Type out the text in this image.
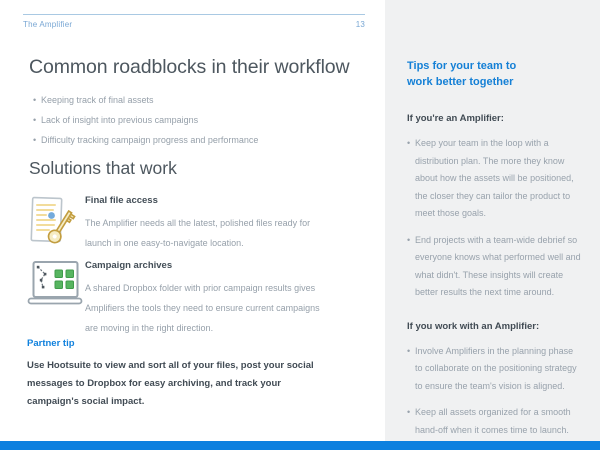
The Amplifier	13
Common roadblocks in their workflow
• Keeping track of final assets
• Lack of insight into previous campaigns
• Difficulty tracking campaign progress and performance
Solutions that work
Final file access
The Amplifier needs all the latest, polished files ready for launch in one easy-to-navigate location.
Campaign archives
A shared Dropbox folder with prior campaign results gives Amplifiers the tools they need to ensure current campaigns are moving in the right direction.
Partner tip
Use Hootsuite to view and sort all of your files, post your social messages to Dropbox for easy archiving, and track your campaign's social impact.
Tips for your team to work better together
If you're an Amplifier:
• Keep your team in the loop with a distribution plan. The more they know about how the assets will be positioned, the closer they can tailor the product to meet those goals.
• End projects with a team-wide debrief so everyone knows what performed well and what didn't. These insights will create better results the next time around.
If you work with an Amplifier:
• Involve Amplifiers in the planning phase to collaborate on the positioning strategy to ensure the team's vision is aligned.
• Keep all assets organized for a smooth hand-off when it comes time to launch.
